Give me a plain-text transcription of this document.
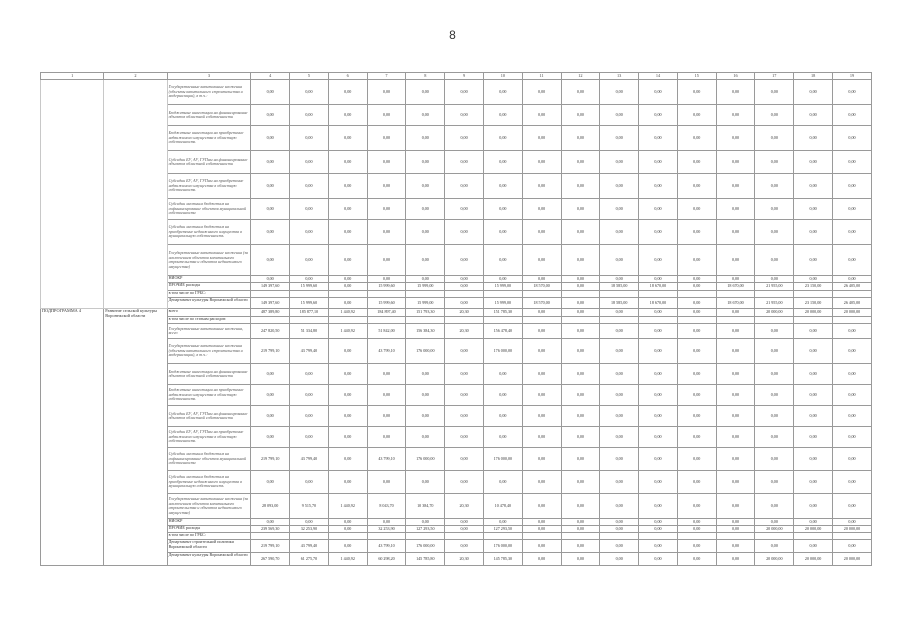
8
1	2	3	4	5	6	7	8	9	10	11	12	13	14	15	16	17	18	19
		Государственные капитальные вложения (объекты капитального строительства и модернизации), в т.ч.:	0,00	0,00	0,00	0,00	0,00	0,00	0,00	0,00	0,00	0,00	0,00	0,00	0,00	0,00	0,00	0,00
		Бюджетные инвестиции на финансирование объектов областной собственности	0,00	0,00	0,00	0,00	0,00	0,00	0,00	0,00	0,00	0,00	0,00	0,00	0,00	0,00	0,00	0,00
		Бюджетные инвестиции на приобретение недвижимого имущества в областную собственность	0,00	0,00	0,00	0,00	0,00	0,00	0,00	0,00	0,00	0,00	0,00	0,00	0,00	0,00	0,00	0,00
		Субсидии БУ, АУ, ГУПам на финансирование объектов областной собственности	0,00	0,00	0,00	0,00	0,00	0,00	0,00	0,00	0,00	0,00	0,00	0,00	0,00	0,00	0,00	0,00
		Субсидии БУ, АУ, ГУПам на приобретение недвижимого имущества в областную собственность	0,00	0,00	0,00	0,00	0,00	0,00	0,00	0,00	0,00	0,00	0,00	0,00	0,00	0,00	0,00	0,00
		Субсидии местным бюджетам на софинансирование объектов муниципальной собственности	0,00	0,00	0,00	0,00	0,00	0,00	0,00	0,00	0,00	0,00	0,00	0,00	0,00	0,00	0,00	0,00
		Субсидии местным бюджетам на приобретение недвижимого имущества в муниципальную собственность	0,00	0,00	0,00	0,00	0,00	0,00	0,00	0,00	0,00	0,00	0,00	0,00	0,00	0,00	0,00	0,00
		Государственные капитальные вложения (за исключением объектов капитального строительства и объектов недвижимого имущества)	0,00	0,00	0,00	0,00	0,00	0,00	0,00	0,00	0,00	0,00	0,00	0,00	0,00	0,00	0,00	0,00
		НИОКР	0,00	0,00	0,00	0,00	0,00	0,00	0,00	0,00	0,00	0,00	0,00	0,00	0,00	0,00	0,00	0,00
		ПРОЧИЕ расходы	149 397,60	15 999,60	0,00	15 999,60	15 999,00	0,00	15 999,00	18 570,00	0,00	18 585,00	18 670,00	0,00	18 670,00	21 955,00	23 150,00	26 405,00
		в том числе по ГРБС:																
		Департамент культуры Воронежской области	149 397,60	15 999,60	0,00	15 999,60	15 999,00	0,00	15 999,00	18 570,00	0,00	18 585,00	18 670,00	0,00	18 670,00	21 955,00	23 150,00	26 405,00
ПОДПРОГРАММА 4	Развитие сельской культуры Воронежской области	всего	487 389,80	185 877,10	1 440,92	184 897,40	151 793,30	20,30	151 785,30	0,00	0,00	0,00	0,00	0,00	0,00	20 000,00	20 000,00	20 000,00
		в том числе по статьям расходов:																
		Государственные капитальные вложения, всего	247 820,50	51 334,80	1 440,92	51 842,00	156 384,30	20,30	156 478,40	0,00	0,00	0,00	0,00	0,00	0,00	0,00	0,00	0,00
		Государственные капитальные вложения (объекты капитального строительства и модернизации), в т.ч.:	219 799,10	43 799,40	0,00	43 799,10	176 000,00	0,00	176 000,00	0,00	0,00	0,00	0,00	0,00	0,00	0,00	0,00	0,00
		Бюджетные инвестиции на финансирование объектов областной собственности	0,00	0,00	0,00	0,00	0,00	0,00	0,00	0,00	0,00	0,00	0,00	0,00	0,00	0,00	0,00	0,00
		Бюджетные инвестиции на приобретение недвижимого имущества в областную собственность	0,00	0,00	0,00	0,00	0,00	0,00	0,00	0,00	0,00	0,00	0,00	0,00	0,00	0,00	0,00	0,00
		Субсидии БУ, АУ, ГУПам на финансирование объектов областной собственности	0,00	0,00	0,00	0,00	0,00	0,00	0,00	0,00	0,00	0,00	0,00	0,00	0,00	0,00	0,00	0,00
		Субсидии БУ, АУ, ГУПам на приобретение недвижимого имущества в областную собственность	0,00	0,00	0,00	0,00	0,00	0,00	0,00	0,00	0,00	0,00	0,00	0,00	0,00	0,00	0,00	0,00
		Субсидии местным бюджетам на софинансирование объектов муниципальной собственности	219 799,10	43 799,40	0,00	43 799,10	176 000,00	0,00	176 000,00	0,00	0,00	0,00	0,00	0,00	0,00	0,00	0,00	0,00
		Субсидии местным бюджетам на приобретение недвижимого имущества в муниципальную собственность	0,00	0,00	0,00	0,00	0,00	0,00	0,00	0,00	0,00	0,00	0,00	0,00	0,00	0,00	0,00	0,00
		Государственные капитальные вложения (за исключением объектов капитального строительства и объектов недвижимого имущества)	28 093,00	9 515,70	1 440,92	8 043,70	10 384,70	20,30	10 478,40	0,00	0,00	0,00	0,00	0,00	0,00	0,00	0,00	0,00
		НИОКР	0,00	0,00	0,00	0,00	0,00	0,00	0,00	0,00	0,00	0,00	0,00	0,00	0,00	0,00	0,00	0,00
		ПРОЧИЕ расходы	239 569,30	32 253,90	0,00	32 253,90	127 293,50	0,00	127 293,50	0,00	0,00	0,00	0,00	0,00	0,00	20 000,00	20 000,00	20 000,00
		в том числе по ГРБС:																
		Департамент строительной политики Воронежской области	219 799,10	43 799,40	0,00	43 799,10	176 000,00	0,00	176 000,00	0,00	0,00	0,00	0,00	0,00	0,00	0,00	0,00	0,00
		Департамент культуры Воронежской области	267 590,70	61 275,70	1 440,92	60 298,20	145 785,80	20,30	145 785,30	0,00	0,00	0,00	0,00	0,00	0,00	20 000,00	20 000,00	20 000,00
